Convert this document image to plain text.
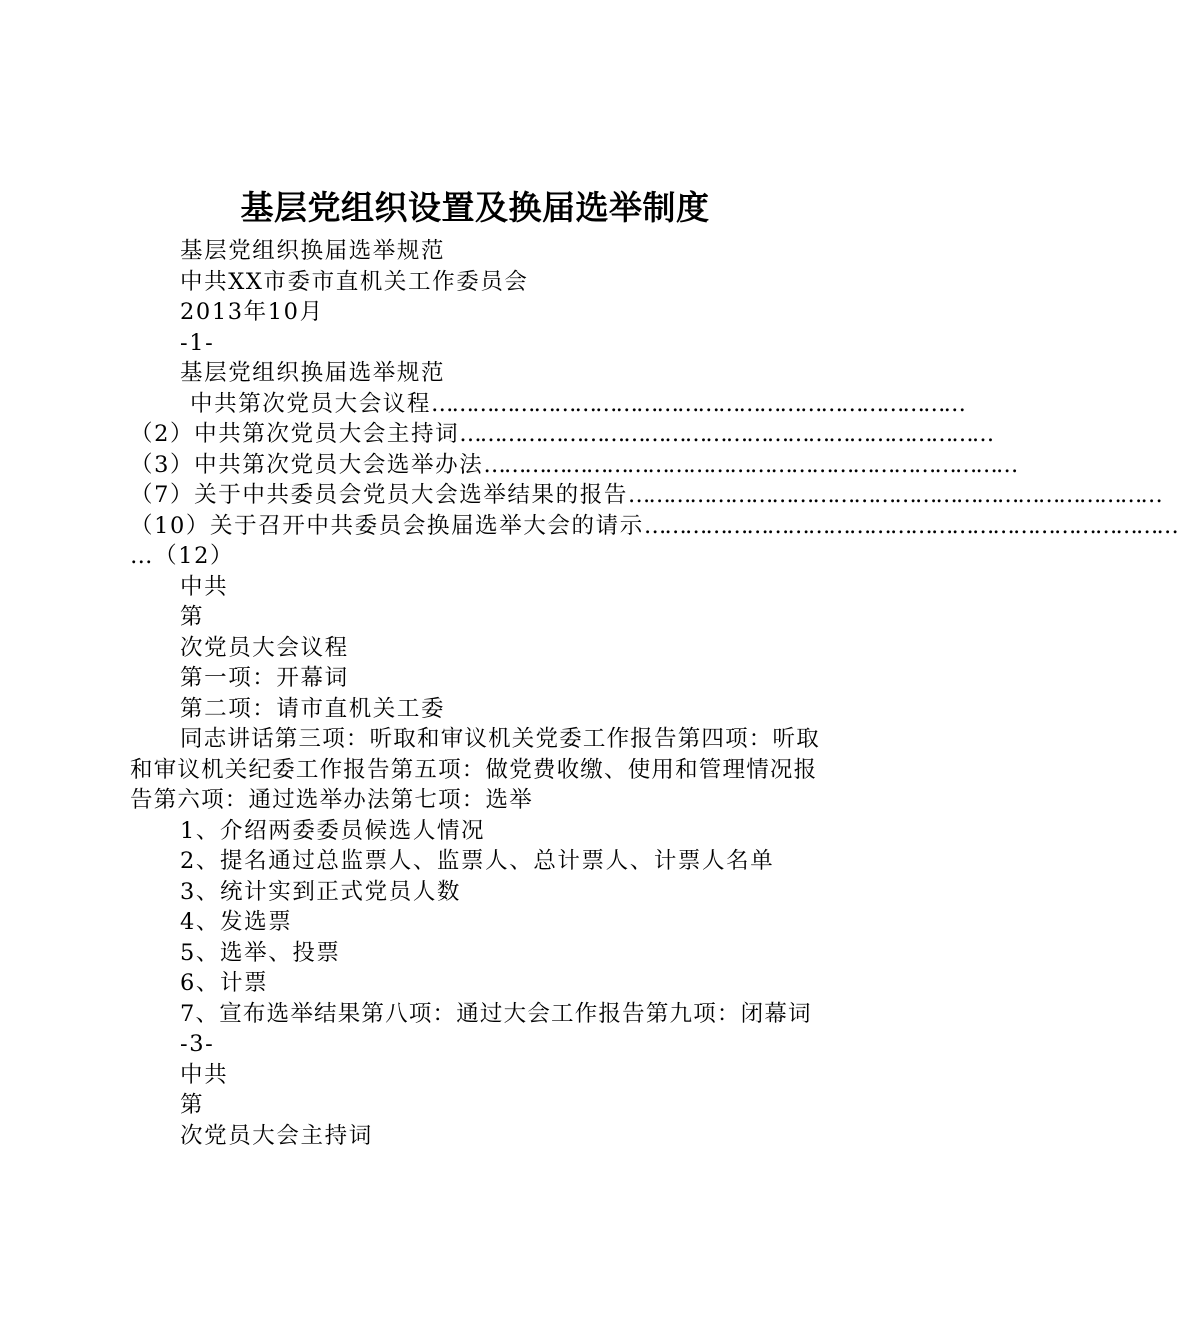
基层党组织设置及换届选举制度
基层党组织换届选举规范
中共XX市委市直机关工作委员会
2013年10月
-1-
基层党组织换届选举规范
中共第次党员大会议程 ……………………………………………………………………
（2）中共第次党员大会主持词 ……………………………………………………………………
（3）中共第次党员大会选举办法 ……………………………………………………………………
（7）关于中共委员会党员大会选举结果的报告 ……………………………………………………………………
（10）关于召开中共委员会换届选举大会的请示 ……………………………………………………………………
…（12）
中共
第
次党员大会议程
第一项：开幕词
第二项：请市直机关工委
同志讲话第三项：听取和审议机关党委工作报告第四项：听取和审议机关纪委工作报告第五项：做党费收缴、使用和管理情况报告第六项：通过选举办法第七项：选举
1、介绍两委委员候选人情况
2、提名通过总监票人、监票人、总计票人、计票人名单
3、统计实到正式党员人数
4、发选票
5、选举、投票
6、计票
7、宣布选举结果第八项：通过大会工作报告第九项：闭幕词
-3-
中共
第
次党员大会主持词
